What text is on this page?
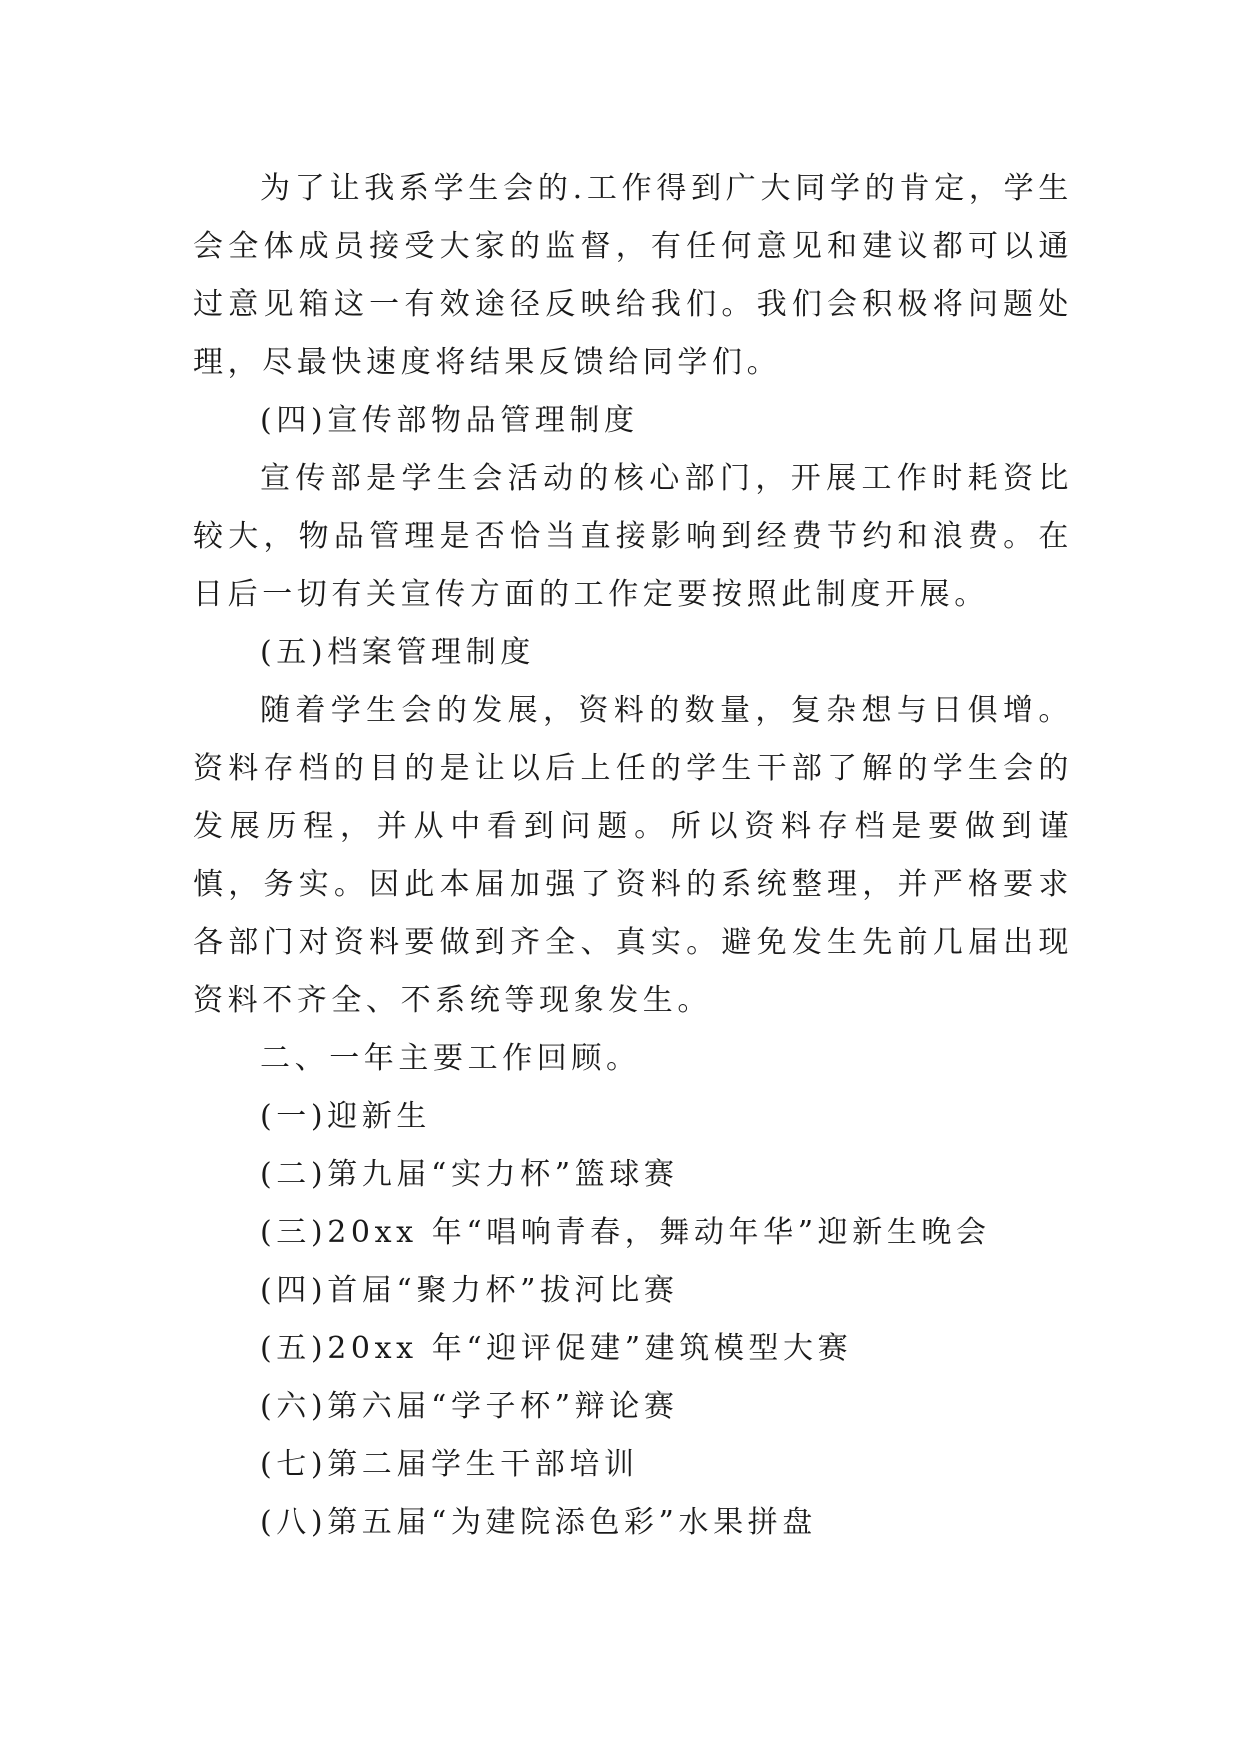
为了让我系学生会的.工作得到广大同学的肯定，学生会全体成员接受大家的监督，有任何意见和建议都可以通过意见箱这一有效途径反映给我们。我们会积极将问题处理，尽最快速度将结果反馈给同学们。

(四)宣传部物品管理制度

宣传部是学生会活动的核心部门，开展工作时耗资比较大，物品管理是否恰当直接影响到经费节约和浪费。在日后一切有关宣传方面的工作定要按照此制度开展。

(五)档案管理制度

随着学生会的发展，资料的数量，复杂想与日俱增。资料存档的目的是让以后上任的学生干部了解的学生会的发展历程，并从中看到问题。所以资料存档是要做到谨慎，务实。因此本届加强了资料的系统整理，并严格要求各部门对资料要做到齐全、真实。避免发生先前几届出现资料不齐全、不系统等现象发生。

二、一年主要工作回顾。

(一)迎新生

(二)第九届“实力杯”篮球赛

(三)20xx 年“唱响青春，舞动年华”迎新生晚会

(四)首届“聚力杯”拔河比赛

(五)20xx 年“迎评促建”建筑模型大赛

(六)第六届“学子杯”辩论赛

(七)第二届学生干部培训

(八)第五届“为建院添色彩”水果拼盘
